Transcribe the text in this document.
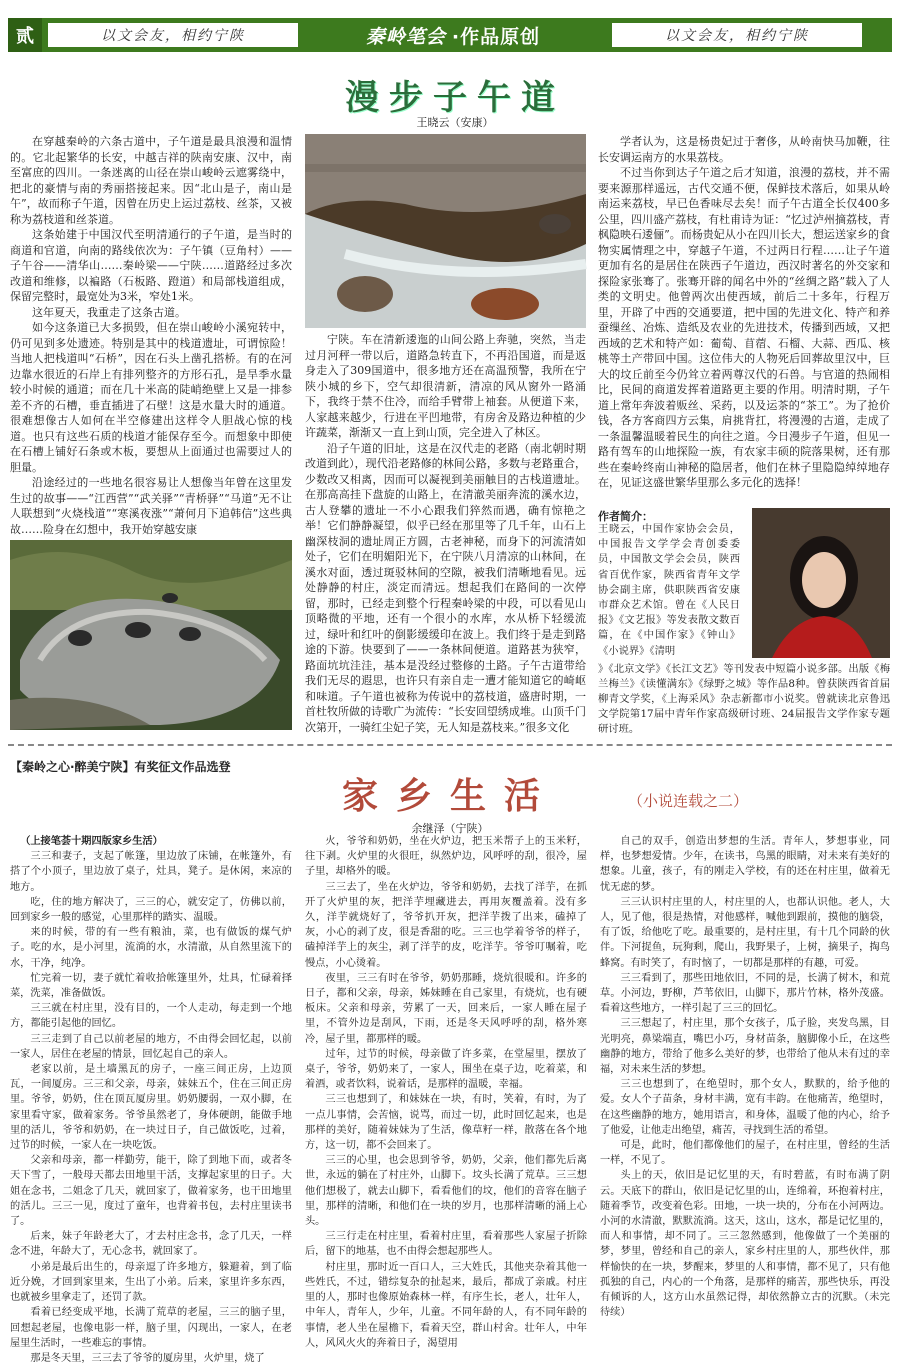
贰	以文会友，相约宁陕	秦岭笔会 ·作品原创	以文会友，相约宁陕
漫步子午道
王晓云（安康）

在穿越秦岭的六条古道中，子午道是最具浪漫和温情的。它北起繁华的长安，中越吉祥的陕南安康、汉中，南至富庶的四川。一条迷离的山径在崇山峻岭云遮雾绕中，把北的豪情与南的秀丽搭接起来。因“北山是子，南山是午”，故而称子午道，因曾在历史上运过荔枝、丝茶，又被称为荔枝道和丝茶道。

这条始建于中国汉代至明清通行的子午道，是当时的商道和官道，向南的路线依次为：子午镇（豆角村）——子午谷——清华山……秦岭梁——宁陕……道路经过多次改道和维修，以褊路（石板路、蹬道）和局部栈道组成，保留完整时，最宽处为3米，窄处1米。

这年夏天，我重走了这条古道。

如今这条道已大多损毁，但在崇山峻岭小溪宛转中，仍可见到多处遗迹。特别是其中的栈道遗址，可谓惊险！当地人把栈道叫“石桥”，因在石头上凿孔搭桥。有的在河边靠水很近的石岸上有排列整齐的方形石孔，是旱季水量较小时候的通道；而在几十米高的陡峭绝壁上又是一排参差不齐的石槽，垂直插进了石壁！这是水量大时的通道。很难想像古人如何在半空修建出这样令人胆战心惊的栈道。也只有这些石质的栈道才能保存至今。而想象中即使在石槽上铺好石条或木板，要想从上面通过也需要过人的胆量。

沿途经过的一些地名很容易让人想像当年曾在这里发生过的故事——“江西营”“武关驿”“青桥驿”“马道”无不让人联想到“火烧栈道”“寒溪夜涨”“萧何月下追韩信”这些典故……险身在幻想中，我开始穿越安康

宁陕。车在清新逶迤的山间公路上奔驰，突然，当走过月河秤一带以后，道路急转直下，不再沿国道，而是返身走入了309国道中，很多地方还在高温预警，我所在宁陕小城的乡下，空气却很清新，清凉的风从窗外一路涌下，我终于禁不住冷，而给手臂带上袖套。从便道下来，人家越来越少，行进在平凹地带，有房舍及路边种植的少许蔬菜，渐渐又一直上到山顶，完全进入了林区。

沿子午道的旧址，这是在汉代走的老路（南北朝时期改道到此），现代沿老路修的林间公路，多数与老路重合，少数改又相离，因而可以凝视到美丽触目的古栈道遗址。在那高高挂下盘旋的山路上，在清澈美丽奔流的溪水边，古人登攀的遗址一不小心跟我们猝然而遇，确有惊艳之举！它们静静凝望，似乎已经在那里等了几千年，山石上幽深枝洞的遗址周正方圆，古老神秘，而身下的河流清如处子，它们在明媚阳光下，在宁陕八月清凉的山林间，在溪水对面，透过斑驳林间的空隙，被我们清晰地看见。远处静静的村庄，淡定而清远。想起我们在路间的一次停留，那时，已经走到整个行程秦岭梁的中段，可以看见山顶略微的平地，还有一个很小的水库，水从桥下轻缓流过，绿叶和红叶的倒影缓缓印在波上。我们终于是走到路途的下游。快要到了——一条林间便道。道路甚为狭窄，路面坑坑洼洼，基本是没经过整修的土路。子午古道带给我们无尽的遐思，也许只有亲自走一遭才能知道它的崎岖和味道。子午道也被称为传说中的荔枝道，盛唐时期，一首杜牧所做的诗歌广为流传：“长安回望绣成堆。山顶千门次第开，一骑红尘妃子笑，无人知是荔枝来。”很多文化

学者认为，这是杨贵妃过于奢侈，从岭南快马加鞭，往长安调运南方的水果荔枝。

不过当你到达子午道之后才知道，浪漫的荔枝，并不需要来源那样遥远，古代交通不便，保鲜技术落后，如果从岭南运来荔枝，早已色香味尽去矣！而子午古道全长仅400多公里，四川盛产荔枝，有杜甫诗为证：“忆过泸州摘荔枝，青枫隐映石逶俪”。而杨贵妃从小在四川长大，想运送家乡的食物实属情理之中，穿越子午道，不过两日行程……让子午道更加有名的是居住在陕西子午道边，西汉时著名的外交家和探险家张骞了。张骞开辟的闻名中外的“丝绸之路”载入了人类的文明史。他曾两次出使西域，前后二十多年，行程万里，开辟了中西的交通要道，把中国的先进文化、特产和养蚕缫丝、冶炼、造纸及农业的先进技术，传播到西域，又把西域的艺术和特产如：葡萄、苜蓿、石榴、大蒜、西瓜、核桃等土产带回中国。这位伟大的人物死后回葬故里汉中，巨大的坟丘前至今仍耸立着两尊汉代的石兽。与官道的热闹相比，民间的商道发挥着道路更主要的作用。明清时期，子午道上常年奔波着贩丝、采药，以及运茶的“茶工”。为了抢价钱，各方客商四方云集，肩挑背扛，将漫漫的古道，走成了一条温馨温暖着民生的向往之道。今日漫步子午道，但见一路有驾车的山地探险一族，有农家丰硕的院落果树，还有那些在秦岭终南山神秘的隐居者，他们在林子里隐隐绰绰地存在，见证这盛世繁华里那么多元化的选择！

作者简介：
王晓云，中国作家协会会员，中国报告文学学会青创委委员，中国散文学会会员，陕西省百优作家，陕西省青年文学协会副主席，供职陕西省安康市群众艺术馆。曾在《人民日报》《文艺报》等发表散文数百篇，在《中国作家》《钟山》《小说界》《清明
》《北京文学》《长江文艺》等刊发表中短篇小说多部。出版《梅兰梅兰》《读懂满东》《绿野之城》等作品8种。曾获陕西省首届柳青文学奖，《上海采风》杂志新都市小说奖。曾就读北京鲁迅文学院第17届中青年作家高级研讨班、24届报告文学作家专题研讨班。
【秦岭之心·醉美宁陕】有奖征文作品选登
家乡生活	（小说连载之二）
余继泽（宁陕）
（上接笔荟十期四版家乡生活）

三三和妻子，支起了帐篷，里边放了床铺，在帐篷外，有搭了个小顶子，里边放了桌子，灶具，凳子。是休闲，来凉的地方。

吃，住的地方解决了，三三的心，就安定了，仿佛以前，回到家乡一般的感觉，心里那样的踏实、温暖。

来的时候，带的有一些有粮油，菜，也有做饭的煤气炉子。吃的水，是小河里，流淌的水，水清澈，从自然里流下的水，干净，纯净。

忙完着一切，妻子就忙着收拾帐篷里外，灶具，忙碌着择菜，洗菜，准备做饭。

三三就在村庄里，没有目的，一个人走动，每走到一个地方，都能引起他的回忆。

三三走到了自己以前老屋的地方，不由得会回忆起，以前一家人，居住在老屋的情景，回忆起自己的亲人。

老家以前，是土墙黑瓦的房子，一座三间正房，上边顶瓦，一间厦房。三三和父亲，母亲，妹妹五个，住在三间正房里。爷爷，奶奶，住在顶瓦厦房里。奶奶腰弱，一双小脚，在家里看守家，做着家务。爷爷虽然老了，身体硬朗，能做手地里的活儿，爷爷和奶奶，在一块过日子，自己做饭吃，过着，过节的时候，一家人在一块吃饭。

父亲和母亲，都一样勤劳，能干，除了到地下而，或者冬天下雪了，一般母天都去田地里干活，支撑起家里的日子。大姐在念书，二姐念了几天，就回家了，做着家务，也干田地里的活儿。三三一见，度过了童年，也背着书包，去村庄里读书了。

后来，妹子年龄老大了，才去村庄念书，念了几天，一样念不进，年龄大了，无心念书，就回家了。

小弟是最后出生的，母亲逗了许多地方，躲避着，到了临近分娩，才回到家里来，生出了小弟。后来，家里许多东西，也就被乡里拿走了，还罚了款。

看着已经变成平地，长满了荒草的老屋，三三的脑子里，回想起老屋，也像电影一样，脑子里，闪现出，一家人，在老屋里生活时，一些难忘的事情。

那是冬天里，三三去了爷爷的厦房里，火炉里，烧了

火，爷爷和奶奶，坐在火炉边，把玉米帮子上的玉米籽，往下剥。火炉里的火很旺，纵然炉边，风呼呼的刮，很冷，屋子里，却格外的暖。

三三去了，坐在火炉边，爷爷和奶奶，去找了洋芋，在抓开了火炉里的灰，把洋芋埋藏进去，再用灰覆盖着。没有多久，洋芋就烧好了，爷爷扒开灰，把洋芋拨了出来，磕掉了灰，小心的剥了皮，很是香甜的吃。三三也学着爷爷的样子，磕掉洋芋上的灰尘，剥了洋芋的皮，吃洋芋。爷爷叮嘱着，吃慢点，小心烫着。

夜里，三三有时在爷爷，奶奶那睡，烧炕很暖和。许多的日子，都和父亲，母亲，姊妹睡在自己家里，有烧炕，也有硬板床。父亲和母亲，劳累了一天，回来后，一家人睡在屋子里，不管外边是刮风，下雨，还是冬天风呼呼的刮，格外寒冷，屋子里，都那样的暖。

过年，过节的时候，母亲做了许多菜，在堂屋里，摆放了桌子，爷爷，奶奶来了，一家人，围坐在桌子边，吃着菜，和着酒，或者饮料，说着话，是那样的温暖，幸福。

三三也想到了，和妹妹在一块，有时，笑着，有时，为了一点儿事情，会苦恼，说骂，而过一切，此时回忆起来，也是那样的美好，随着妹妹为了生活，像草籽一样，散落在各个地方，这一切，都不会回来了。

三三的心里，也会思到爷爷，奶奶，父亲，他们都先后离世，永远的躺在了村庄外，山脚下。坟头长满了荒草。三三想他们想极了，就去山脚下，看看他们的坟，他们的音容在脑子里，那样的清晰，和他们在一块的岁月，也那样清晰的涌上心头。

三三行走在村庄里，看着村庄里，看着那些人家屋子折除后，留下的地基，也不由得会想起那些人。

村庄里，那时近一百口人，三大姓氏，其他夹杂着其他一些姓氏，不过，错综复杂的扯起来，最后，都成了亲戚。村庄里的人，那时也像原始森林一样，有序生长，老人，壮年人，中年人，青年人，少年，儿童。不同年龄的人，有不同年龄的事情，老人坐在屋檐下，看着天空，群山村舍。壮年人，中年人，风风火火的奔着日子，渴望用

自己的双手，创造出梦想的生活。青年人，梦想事业，同样，也梦想爱情。少年，在读书，鸟黑的眼睛，对未来有美好的想象。儿童，孩子，有的刚走入学校，有的还在村庄里，做着无忧无虑的梦。

三三认识村庄里的人，村庄里的人，也都认识他。老人，大人，见了他，很是热情，对他感样，喊他到跟前，摸他的脑袋，有了饭，给他吃了吃。最重要的，是村庄里，有十几个同龄的伙伴。下河捉鱼，玩狗剩，爬山，我野果子，上树，摘果子，掏鸟蜂窝。有时笑了，有时恼了，一切都是那样的有趣，可爱。

三三看到了，那些田地依旧，不同的是，长满了树木，和荒草。小河边，野柳，芦苇依旧，山脚下，那片竹林，格外茂盛。看着这些地方，一样引起了三三的回忆。

三三想起了，村庄里，那个女孩子，瓜子脸，夹发鸟黑，目光明亮，鼻梁端直，嘴巴小巧，身材苗条，脑脚像小丘，在这些幽静的地方，带给了他多么美好的梦，也带给了他从未有过的幸福，对未来生活的梦想。

三三也想到了，在绝望时，那个女人，默默的，给予他的爱。女人个子苗条，身材丰满，宽有丰韵。在他痛苦，绝望时，在这些幽静的地方，她用语言，和身体，温暖了他的内心，给予了他爱，让他走出绝望，痛苦，寻找到生活的希望。

可是，此时，他们都像他们的屋子，在村庄里，曾经的生活一样，不见了。

头上的天，依旧是记忆里的天，有时碧蓝，有时布满了阴云。天底下的群山，依旧是记忆里的山，连绵着，环抱着村庄，随着季节，改变着色彩。田地，一块一块的，分布在小河两边。小河的水清澈，默默流淌。这天，这山，这水，都是记忆里的，而人和事情，却不同了。三三忽然感到，他像做了一个美丽的梦，梦里，曾经和自己的亲人，家乡村庄里的人，那些伙伴，那样愉快的在一块，梦醒来，梦里的人和事情，都不见了，只有他孤独的自己，内心的一个角落，是那样的痛苦，那些快乐，再没有倾诉的人，这方山水虽然记得，却依然静立古的沉默。（未完待续）
